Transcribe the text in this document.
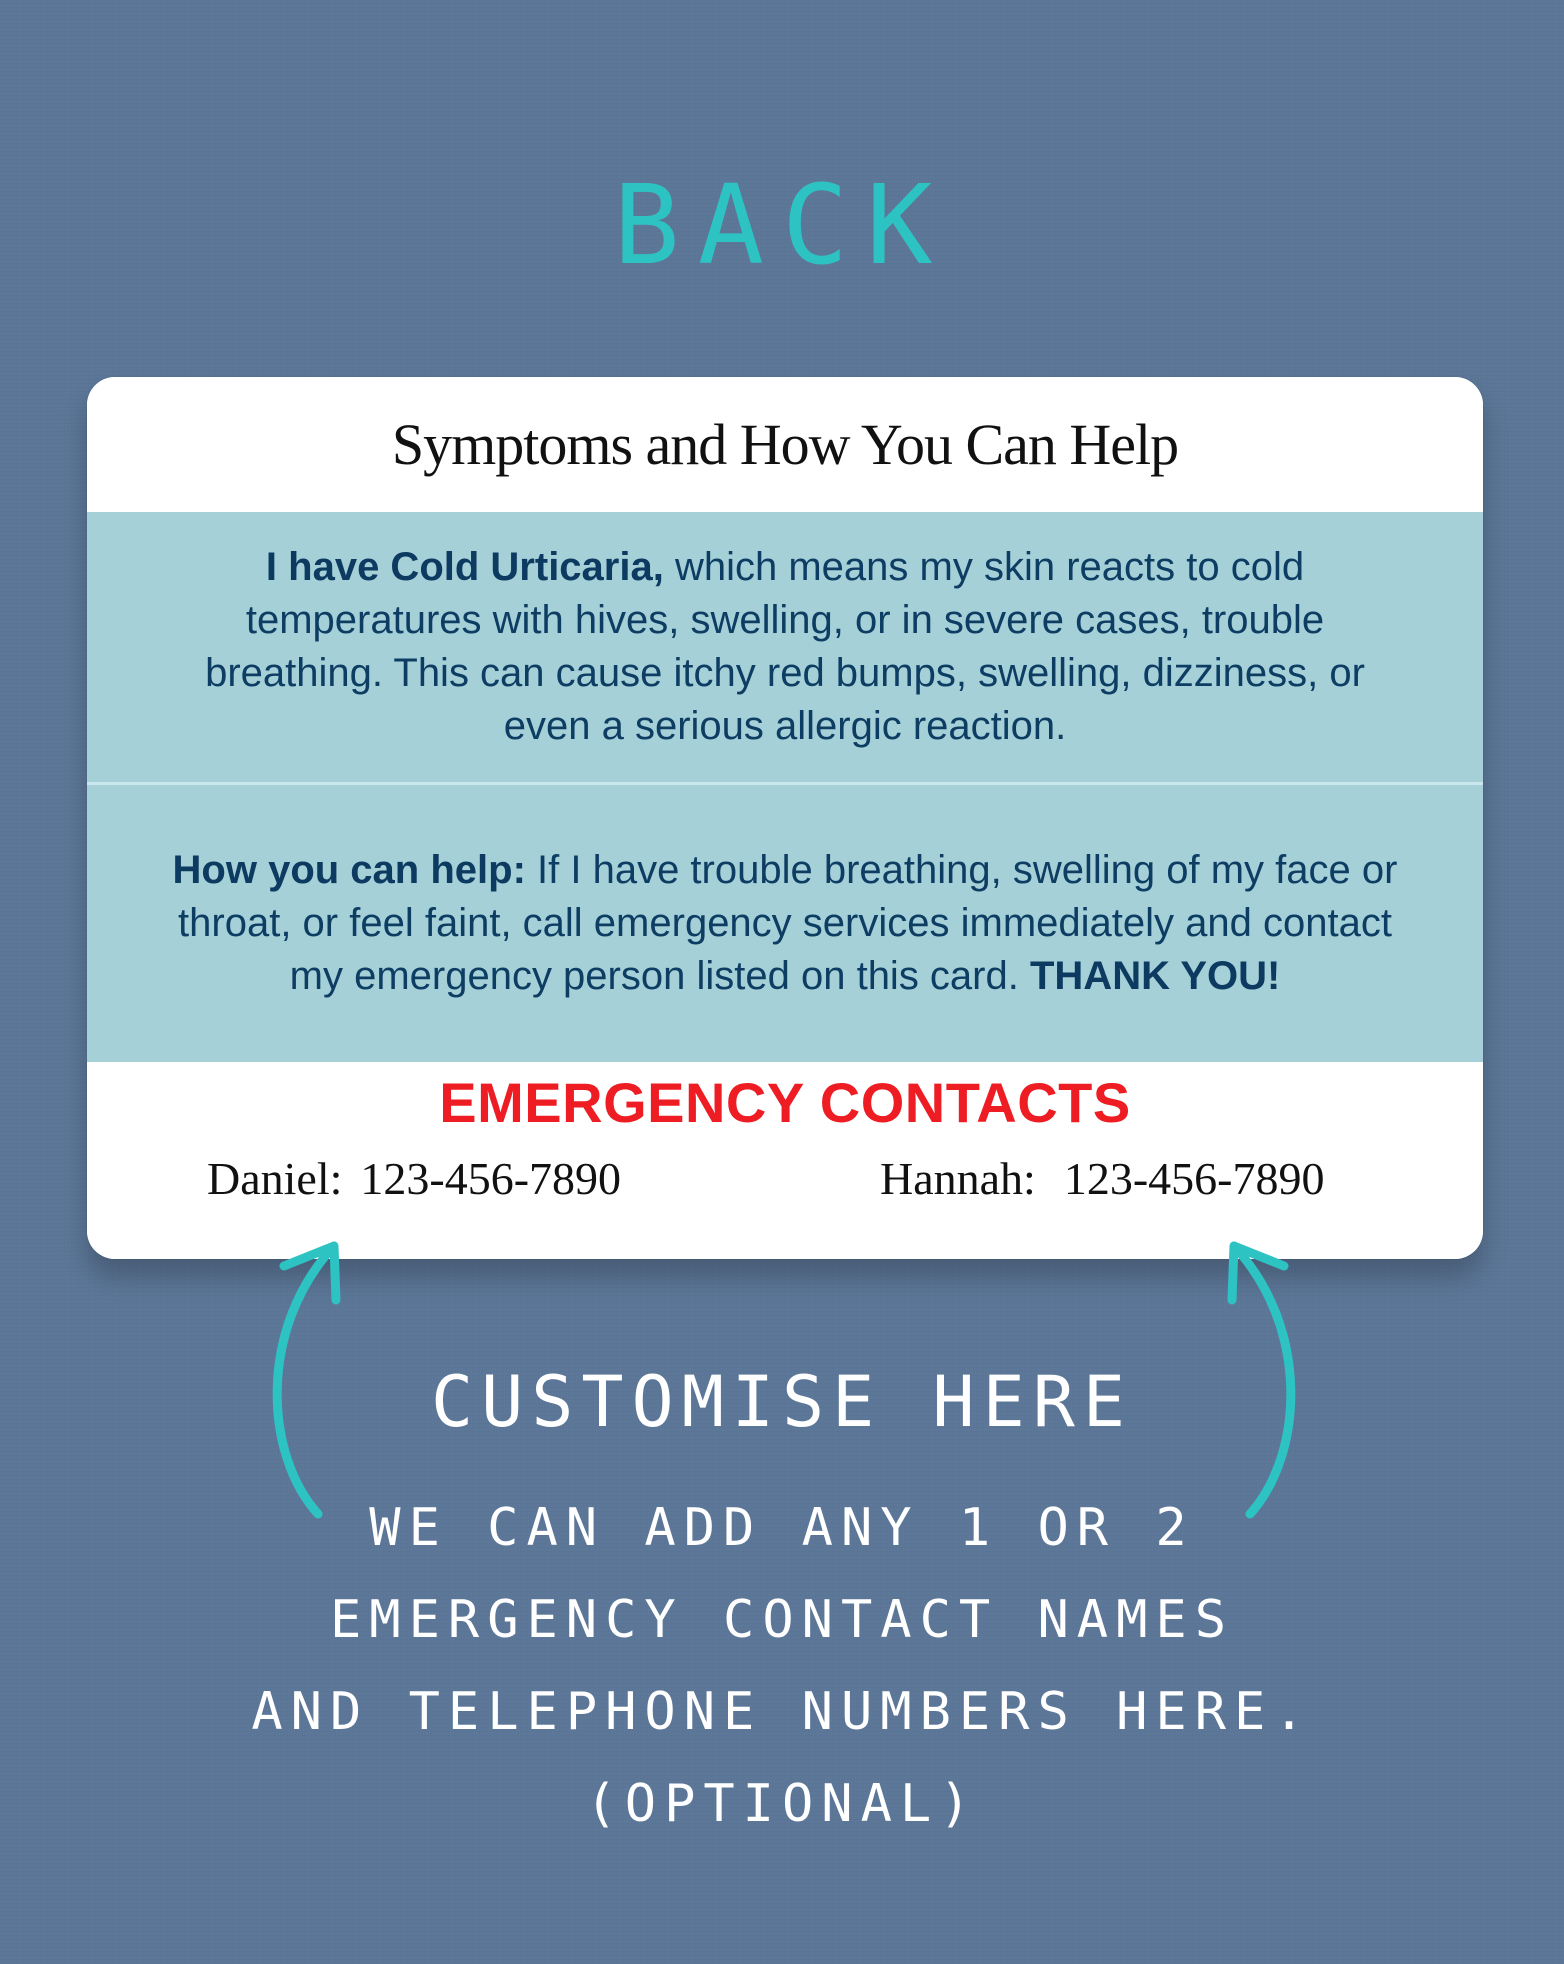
BACK
Symptoms and How You Can Help
I have Cold Urticaria, which means my skin reacts to cold temperatures with hives, swelling, or in severe cases, trouble breathing. This can cause itchy red bumps, swelling, dizziness, or even a serious allergic reaction.
How you can help: If I have trouble breathing, swelling of my face or throat, or feel faint, call emergency services immediately and contact my emergency person listed on this card. THANK YOU!
EMERGENCY CONTACTS
Daniel: 123-456-7890	Hannah: 123-456-7890
CUSTOMISE HERE
WE CAN ADD ANY 1 OR 2
EMERGENCY CONTACT NAMES
AND TELEPHONE NUMBERS HERE.
(OPTIONAL)
